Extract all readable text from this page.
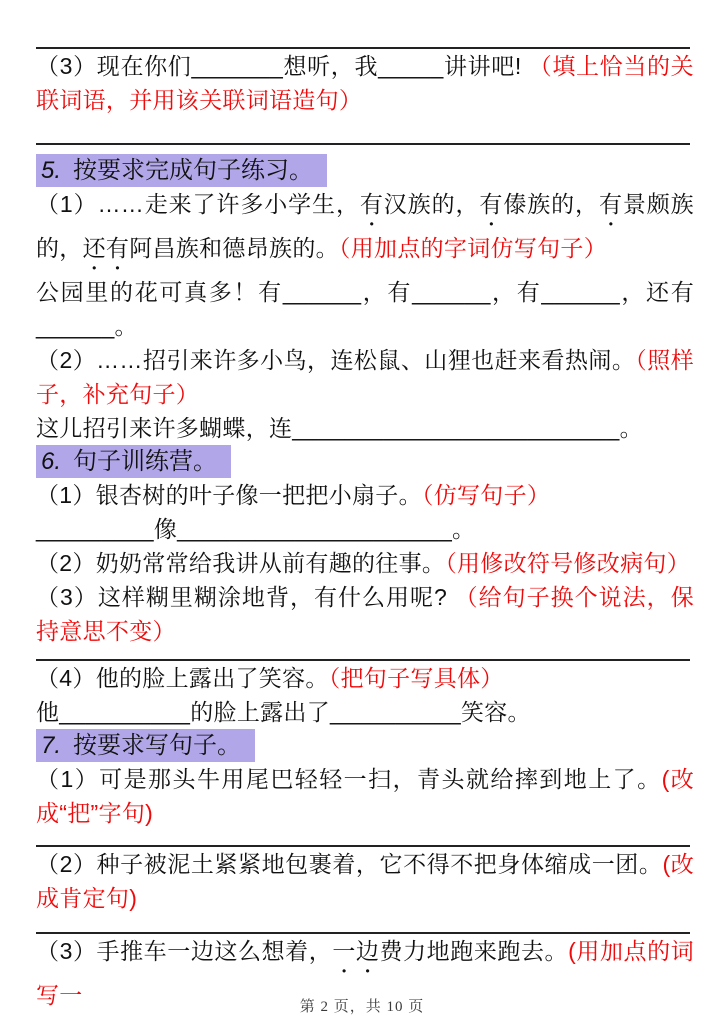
（3）现在你们_______想听，我_____讲讲吧! （填上恰当的关联词语，并用该关联词语造句）

5. 按要求完成句子练习。

（1）……走来了许多小学生，有汉族的，有傣族的，有景颇族的，还有阿昌族和德昂族的。（用加点的字词仿写句子）

公园里的花可真多！有______，有______，有______，还有______。

（2）……招引来许多小鸟，连松鼠、山狸也赶来看热闹。（照样子，补充句子）

这儿招引来许多蝴蝶，连_________________________。

6. 句子训练营。

（1）银杏树的叶子像一把把小扇子。（仿写句子）

_________像_____________________。

（2）奶奶常常给我讲从前有趣的往事。（用修改符号修改病句）

（3）这样糊里糊涂地背，有什么用呢? （给句子换个说法，保持意思不变）

（4）他的脸上露出了笑容。（把句子写具体）

他__________的脸上露出了__________笑容。

7. 按要求写句子。

（1）可是那头牛用尾巴轻轻一扫，青头就给摔到地上了。(改成“把”字句)

（2）种子被泥土紧紧地包裹着，它不得不把身体缩成一团。(改成肯定句)

（3）手推车一边这么想着，一边费力地跑来跑去。(用加点的词写一	第 2 页，共 10 页
